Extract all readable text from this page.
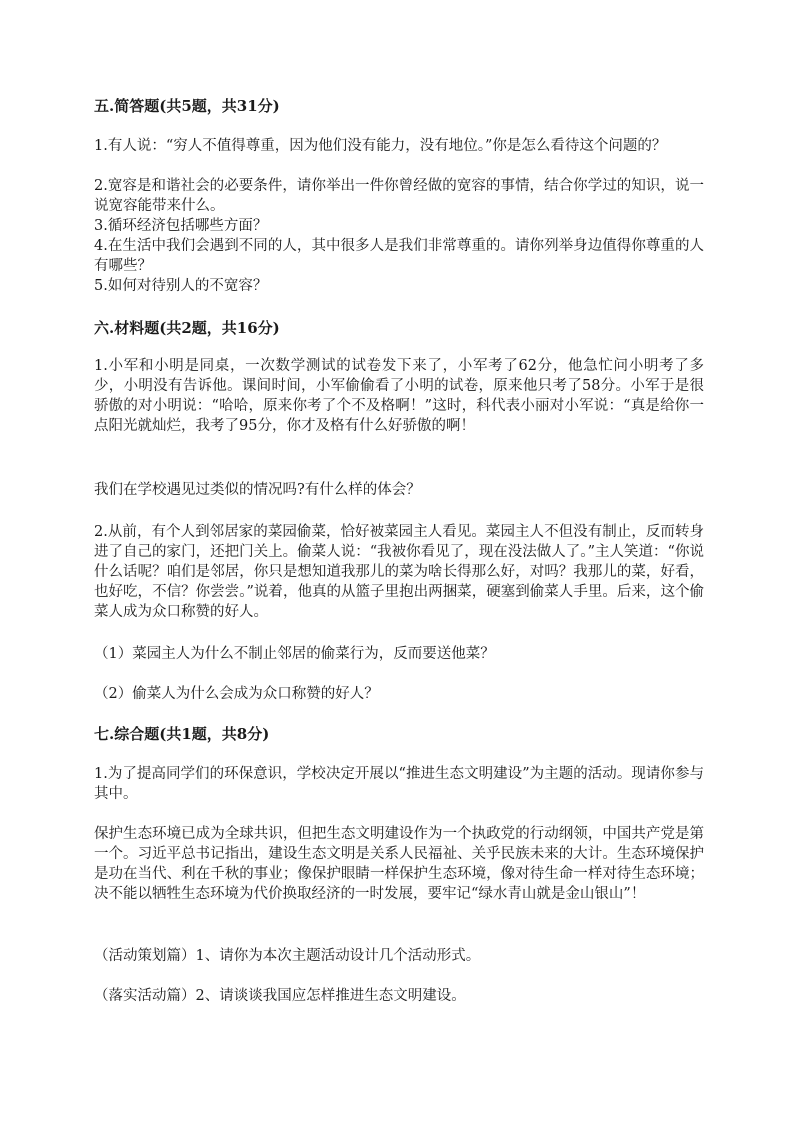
五.简答题(共5题，共31分)
1.有人说：“穷人不值得尊重，因为他们没有能力，没有地位。”你是怎么看待这个问题的？
2.宽容是和谐社会的必要条件，请你举出一件你曾经做的宽容的事情，结合你学过的知识，说一说宽容能带来什么。
3.循环经济包括哪些方面？
4.在生活中我们会遇到不同的人，其中很多人是我们非常尊重的。请你列举身边值得你尊重的人有哪些？
5.如何对待别人的不宽容？
六.材料题(共2题，共16分)
1.小军和小明是同桌，一次数学测试的试卷发下来了，小军考了62分，他急忙问小明考了多少，小明没有告诉他。课间时间，小军偷偷看了小明的试卷，原来他只考了58分。小军于是很骄傲的对小明说：“哈哈，原来你考了个不及格啊！”这时，科代表小丽对小军说：“真是给你一点阳光就灿烂，我考了95分，你才及格有什么好骄傲的啊！
我们在学校遇见过类似的情况吗?有什么样的体会？
2.从前，有个人到邻居家的菜园偷菜，恰好被菜园主人看见。菜园主人不但没有制止，反而转身进了自己的家门，还把门关上。偷菜人说：“我被你看见了，现在没法做人了。”主人笑道：“你说什么话呢？咱们是邻居，你只是想知道我那儿的菜为啥长得那么好，对吗？我那儿的菜，好看，也好吃，不信？你尝尝。”说着，他真的从篮子里抱出两捆菜，硬塞到偷菜人手里。后来，这个偷菜人成为众口称赞的好人。
（1）菜园主人为什么不制止邻居的偷菜行为，反而要送他菜？
（2）偷菜人为什么会成为众口称赞的好人？
七.综合题(共1题，共8分)
1.为了提高同学们的环保意识，学校决定开展以“推进生态文明建设”为主题的活动。现请你参与其中。
保护生态环境已成为全球共识，但把生态文明建设作为一个执政党的行动纲领，中国共产党是第一个。习近平总书记指出，建设生态文明是关系人民福祉、关乎民族未来的大计。生态环境保护是功在当代、利在千秋的事业；像保护眼睛一样保护生态环境，像对待生命一样对待生态环境；决不能以牺牲生态环境为代价换取经济的一时发展，要牢记“绿水青山就是金山银山”！
（活动策划篇）1、请你为本次主题活动设计几个活动形式。
（落实活动篇）2、请谈谈我国应怎样推进生态文明建设。
